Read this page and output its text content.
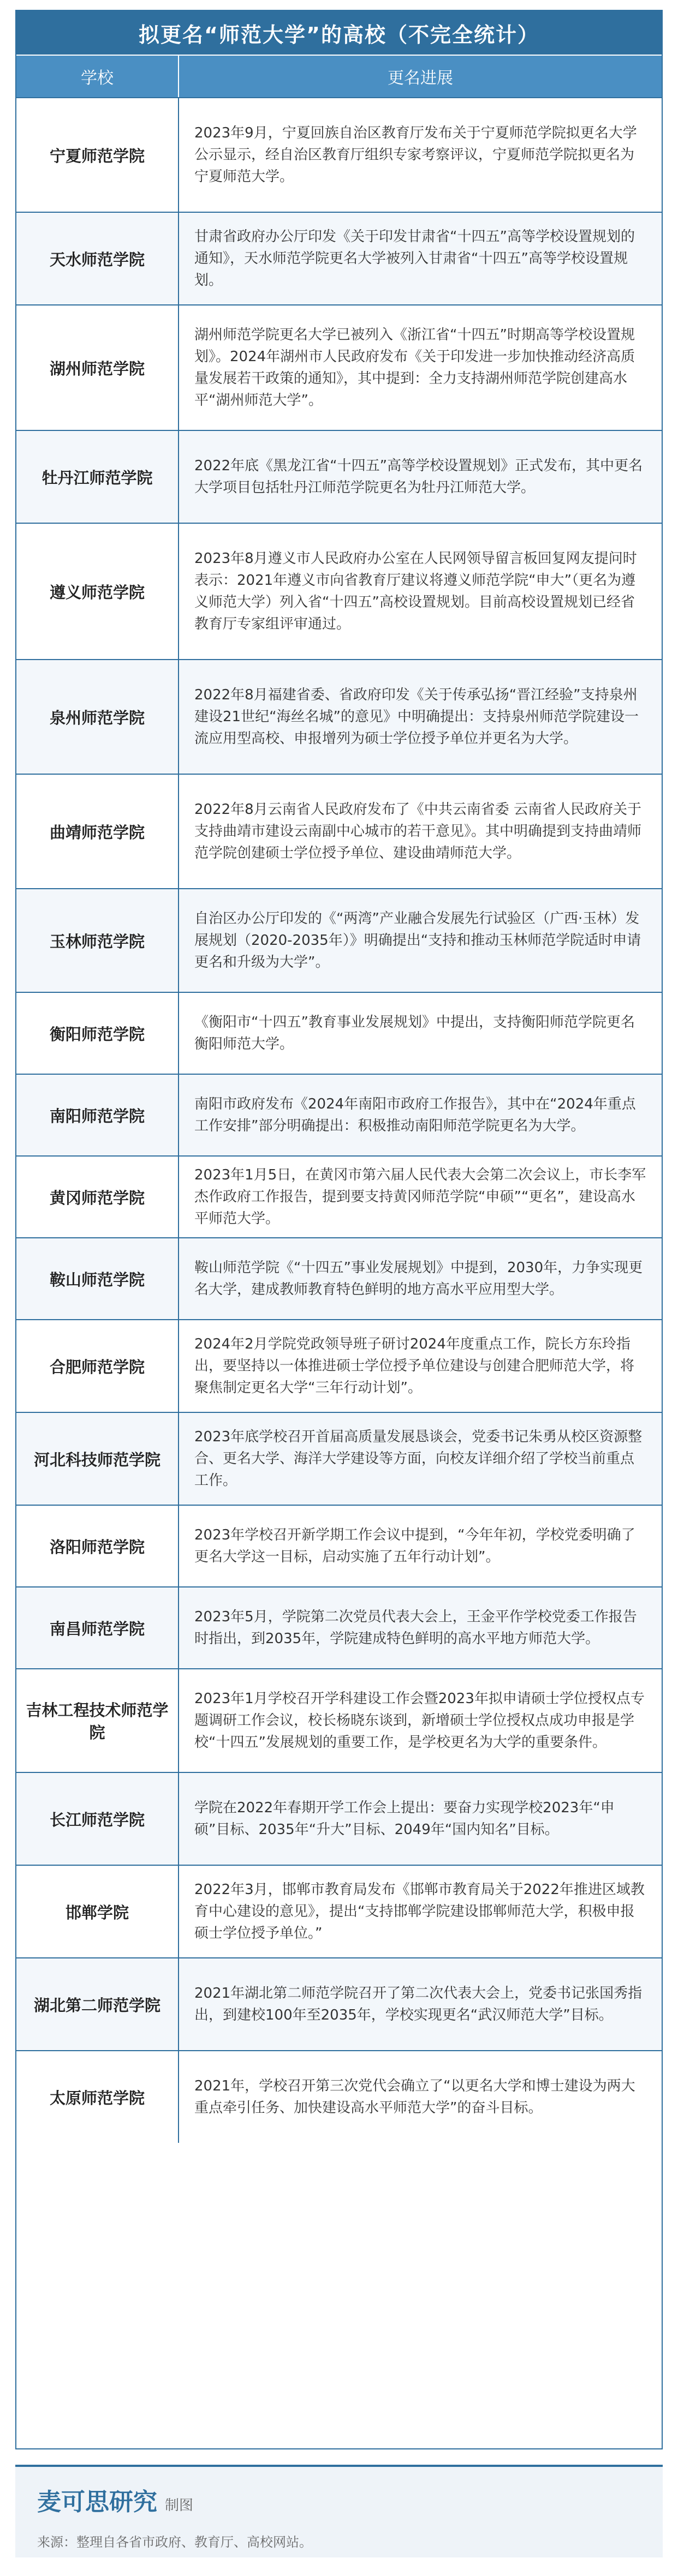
拟更名“师范大学”的高校（不完全统计）
学校	更名进展
宁夏师范学院

2023年9月，宁夏回族自治区教育厅发布关于宁夏师范学院拟更名大学公示显示，经自治区教育厅组织专家考察评议，宁夏师范学院拟更名为宁夏师范大学。

天水师范学院

甘肃省政府办公厅印发《关于印发甘肃省“十四五”高等学校设置规划的通知》，天水师范学院更名大学被列入甘肃省“十四五”高等学校设置规划。

湖州师范学院

湖州师范学院更名大学已被列入《浙江省“十四五”时期高等学校设置规划》。2024年湖州市人民政府发布《关于印发进一步加快推动经济高质量发展若干政策的通知》，其中提到：全力支持湖州师范学院创建高水平“湖州师范大学”。

牡丹江师范学院

2022年底《黑龙江省“十四五”高等学校设置规划》正式发布，其中更名大学项目包括牡丹江师范学院更名为牡丹江师范大学。

遵义师范学院

2023年8月遵义市人民政府办公室在人民网领导留言板回复网友提问时表示：2021年遵义市向省教育厅建议将遵义师范学院“申大”（更名为遵义师范大学）列入省“十四五”高校设置规划。目前高校设置规划已经省教育厅专家组评审通过。

泉州师范学院

2022年8月福建省委、省政府印发《关于传承弘扬“晋江经验”支持泉州建设21世纪“海丝名城”的意见》中明确提出：支持泉州师范学院建设一流应用型高校、申报增列为硕士学位授予单位并更名为大学。

曲靖师范学院

2022年8月云南省人民政府发布了《中共云南省委 云南省人民政府关于支持曲靖市建设云南副中心城市的若干意见》。其中明确提到支持曲靖师范学院创建硕士学位授予单位、建设曲靖师范大学。

玉林师范学院

自治区办公厅印发的《“两湾”产业融合发展先行试验区（广西·玉林）发展规划（2020-2035年）》明确提出“支持和推动玉林师范学院适时申请更名和升级为大学”。

衡阳师范学院

《衡阳市“十四五”教育事业发展规划》中提出，支持衡阳师范学院更名衡阳师范大学。

南阳师范学院

南阳市政府发布《2024年南阳市政府工作报告》，其中在“2024年重点工作安排”部分明确提出：积极推动南阳师范学院更名为大学。

黄冈师范学院

2023年1月5日，在黄冈市第六届人民代表大会第二次会议上，市长李军杰作政府工作报告，提到要支持黄冈师范学院“申硕”“更名”，建设高水平师范大学。

鞍山师范学院

鞍山师范学院《“十四五”事业发展规划》中提到，2030年，力争实现更名大学，建成教师教育特色鲜明的地方高水平应用型大学。

合肥师范学院

2024年2月学院党政领导班子研讨2024年度重点工作，院长方东玲指出，要坚持以一体推进硕士学位授予单位建设与创建合肥师范大学，将聚焦制定更名大学“三年行动计划”。

河北科技师范学院

2023年底学校召开首届高质量发展恳谈会，党委书记朱勇从校区资源整合、更名大学、海洋大学建设等方面，向校友详细介绍了学校当前重点工作。

洛阳师范学院

2023年学校召开新学期工作会议中提到，“今年年初，学校党委明确了更名大学这一目标，启动实施了五年行动计划”。

南昌师范学院

2023年5月，学院第二次党员代表大会上，王金平作学校党委工作报告时指出，到2035年，学院建成特色鲜明的高水平地方师范大学。

吉林工程技术师范学院

2023年1月学校召开学科建设工作会暨2023年拟申请硕士学位授权点专题调研工作会议，校长杨晓东谈到，新增硕士学位授权点成功申报是学校“十四五”发展规划的重要工作，是学校更名为大学的重要条件。

长江师范学院

学院在2022年春期开学工作会上提出：要奋力实现学校2023年“申硕”目标、2035年“升大”目标、2049年“国内知名”目标。

邯郸学院

2022年3月，邯郸市教育局发布《邯郸市教育局关于2022年推进区域教育中心建设的意见》，提出“支持邯郸学院建设邯郸师范大学，积极申报硕士学位授予单位。”

湖北第二师范学院

2021年湖北第二师范学院召开了第二次代表大会上，党委书记张国秀指出，到建校100年至2035年，学校实现更名“武汉师范大学”目标。

太原师范学院

2021年，学校召开第三次党代会确立了“以更名大学和博士建设为两大重点牵引任务、加快建设高水平师范大学”的奋斗目标。

麦可思研究 制图
来源：整理自各省市政府、教育厅、高校网站。
